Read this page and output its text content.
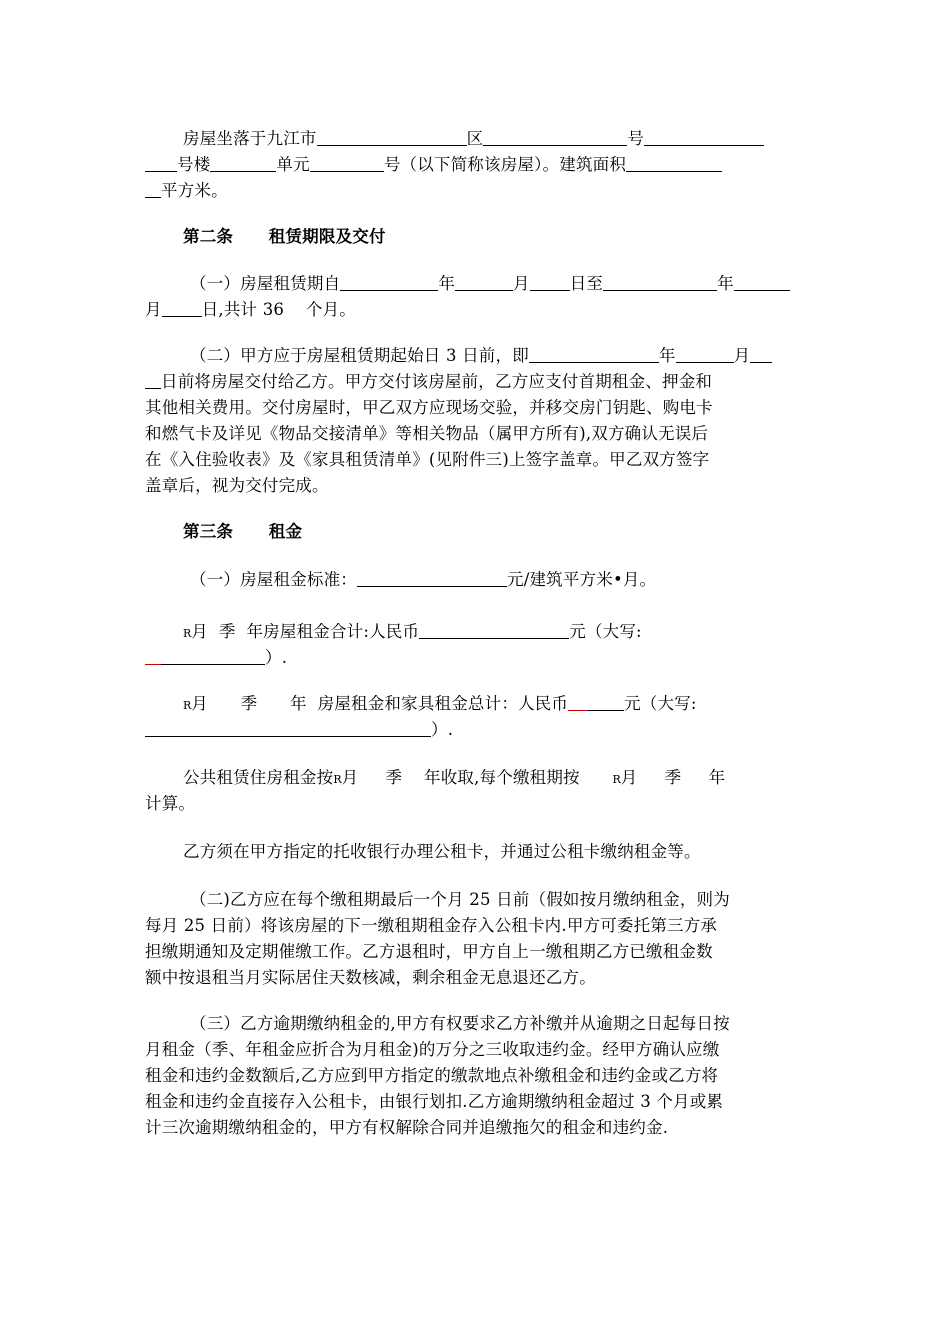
房屋坐落于九江市	区	号
号楼	单元	号（以下简称该房屋）。建筑面积
平方米。
第二条      租赁期限及交付
（一）房屋租赁期自	年	月 日至	年
月 日,共计 36    个月。
（二）甲方应于房屋租赁期起始日 3 日前，即	年	月
日前将房屋交付给乙方。甲方交付该房屋前，乙方应支付首期租金、押金和
其他相关费用。交付房屋时，甲乙双方应现场交验，并移交房门钥匙、购电卡
和燃气卡及详见《物品交接清单》等相关物品（属甲方所有),双方确认无误后
在《入住验收表》及《家具租赁清单》(见附件三)上签字盖章。甲乙双方签字
盖章后，视为交付完成。
第三条      租金
（一）房屋租金标准：	元/建筑平方米•月。
R月  季  年房屋租金合计:人民币	元（大写:
）.
R月      季      年  房屋租金和家具租金总计：人民币	元（大写:
）.
公共租赁住房租金按R月     季    年收取,每个缴租期按      R月     季     年
计算。
乙方须在甲方指定的托收银行办理公租卡，并通过公租卡缴纳租金等。
（二)乙方应在每个缴租期最后一个月 25 日前（假如按月缴纳租金，则为
每月 25 日前）将该房屋的下一缴租期租金存入公租卡内.甲方可委托第三方承
担缴期通知及定期催缴工作。乙方退租时，甲方自上一缴租期乙方已缴租金数
额中按退租当月实际居住天数核减，剩余租金无息退还乙方。
（三）乙方逾期缴纳租金的,甲方有权要求乙方补缴并从逾期之日起每日按
月租金（季、年租金应折合为月租金)的万分之三收取违约金。经甲方确认应缴
租金和违约金数额后,乙方应到甲方指定的缴款地点补缴租金和违约金或乙方将
租金和违约金直接存入公租卡，由银行划扣.乙方逾期缴纳租金超过 3 个月或累
计三次逾期缴纳租金的，甲方有权解除合同并追缴拖欠的租金和违约金.
